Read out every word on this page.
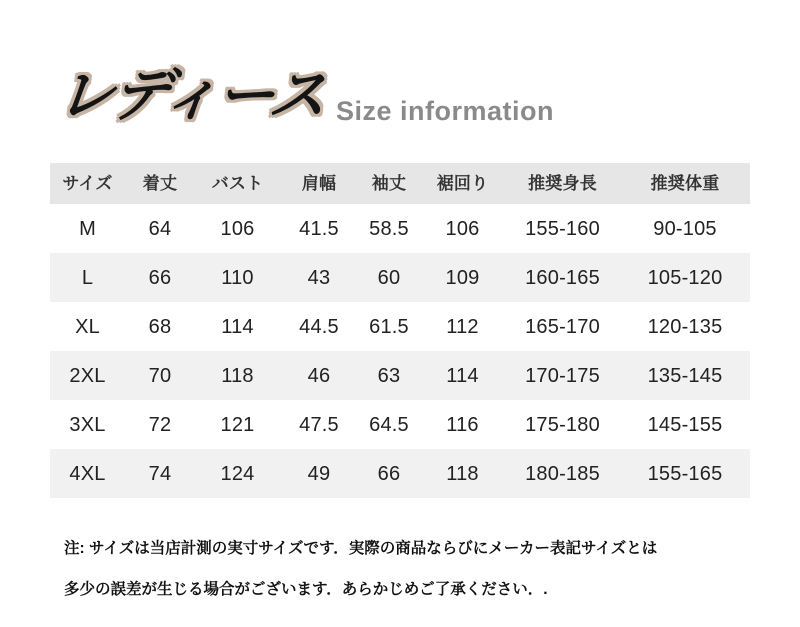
レディース Size information
サイズ	着丈	バスト	肩幅	袖丈	裾回り	推奨身長	推奨体重
M	64	106	41.5	58.5	106	155-160	90-105
L	66	110	43	60	109	160-165	105-120
XL	68	114	44.5	61.5	112	165-170	120-135
2XL	70	118	46	63	114	170-175	135-145
3XL	72	121	47.5	64.5	116	175-180	145-155
4XL	74	124	49	66	118	180-185	155-165
注: サイズは当店計測の実寸サイズです．実際の商品ならびにメーカー表記サイズとは
多少の誤差が生じる場合がございます．あらかじめご了承ください．.
